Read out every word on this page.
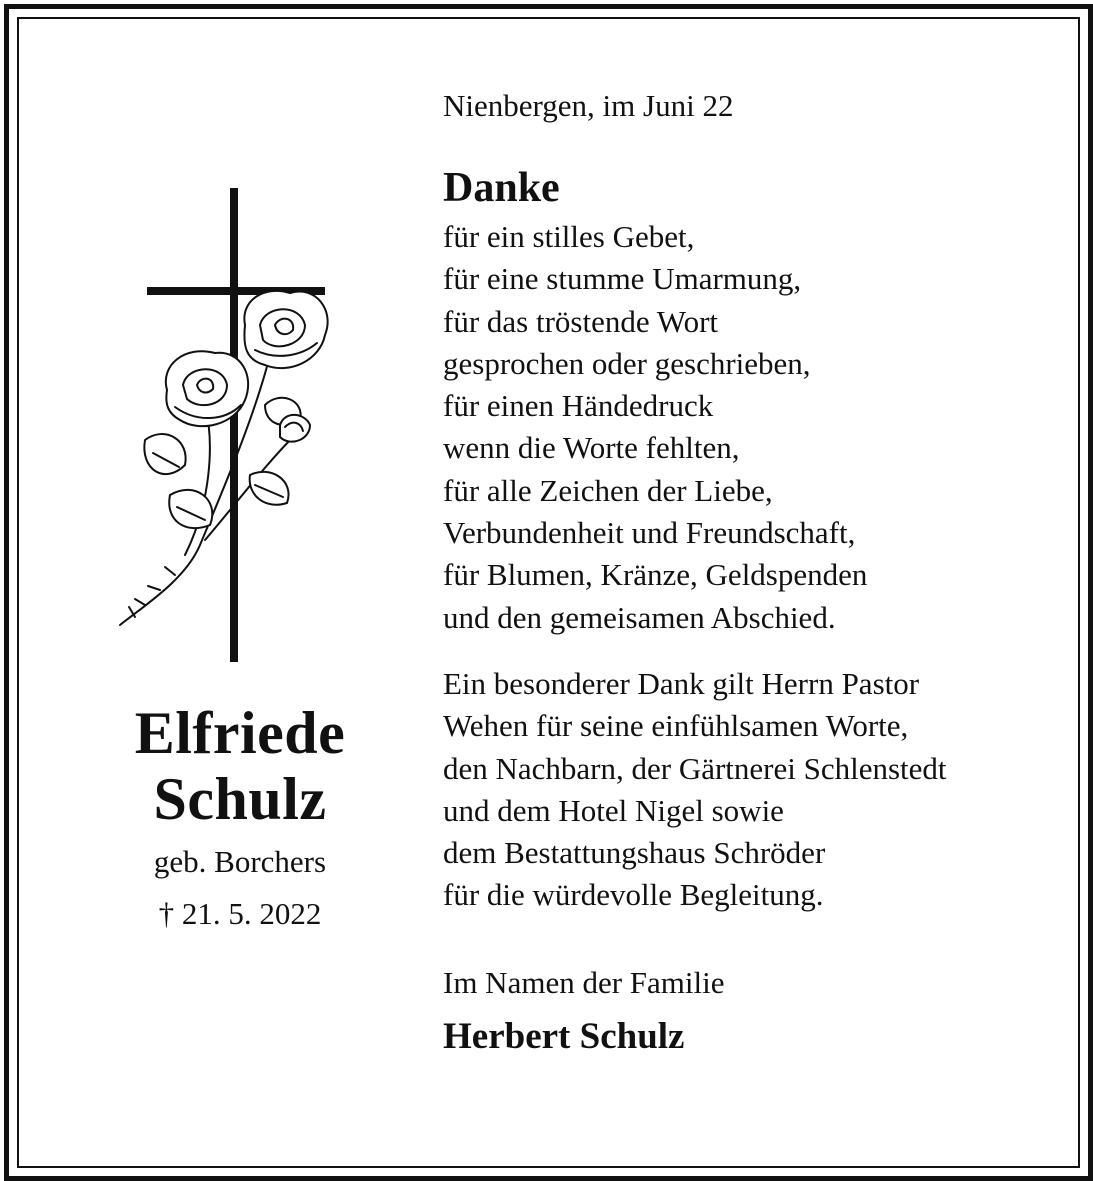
Elfriede
Schulz
geb. Borchers
† 21. 5. 2022
Nienbergen, im Juni 22
Danke
für ein stilles Gebet,
für eine stumme Umarmung,
für das tröstende Wort
gesprochen oder geschrieben,
für einen Händedruck
wenn die Worte fehlten,
für alle Zeichen der Liebe,
Verbundenheit und Freundschaft,
für Blumen, Kränze, Geldspenden
und den gemeisamen Abschied.
Ein besonderer Dank gilt Herrn Pastor
Wehen für seine einfühlsamen Worte,
den Nachbarn, der Gärtnerei Schlenstedt
und dem Hotel Nigel sowie
dem Bestattungshaus Schröder
für die würdevolle Begleitung.
Im Namen der Familie
Herbert Schulz
